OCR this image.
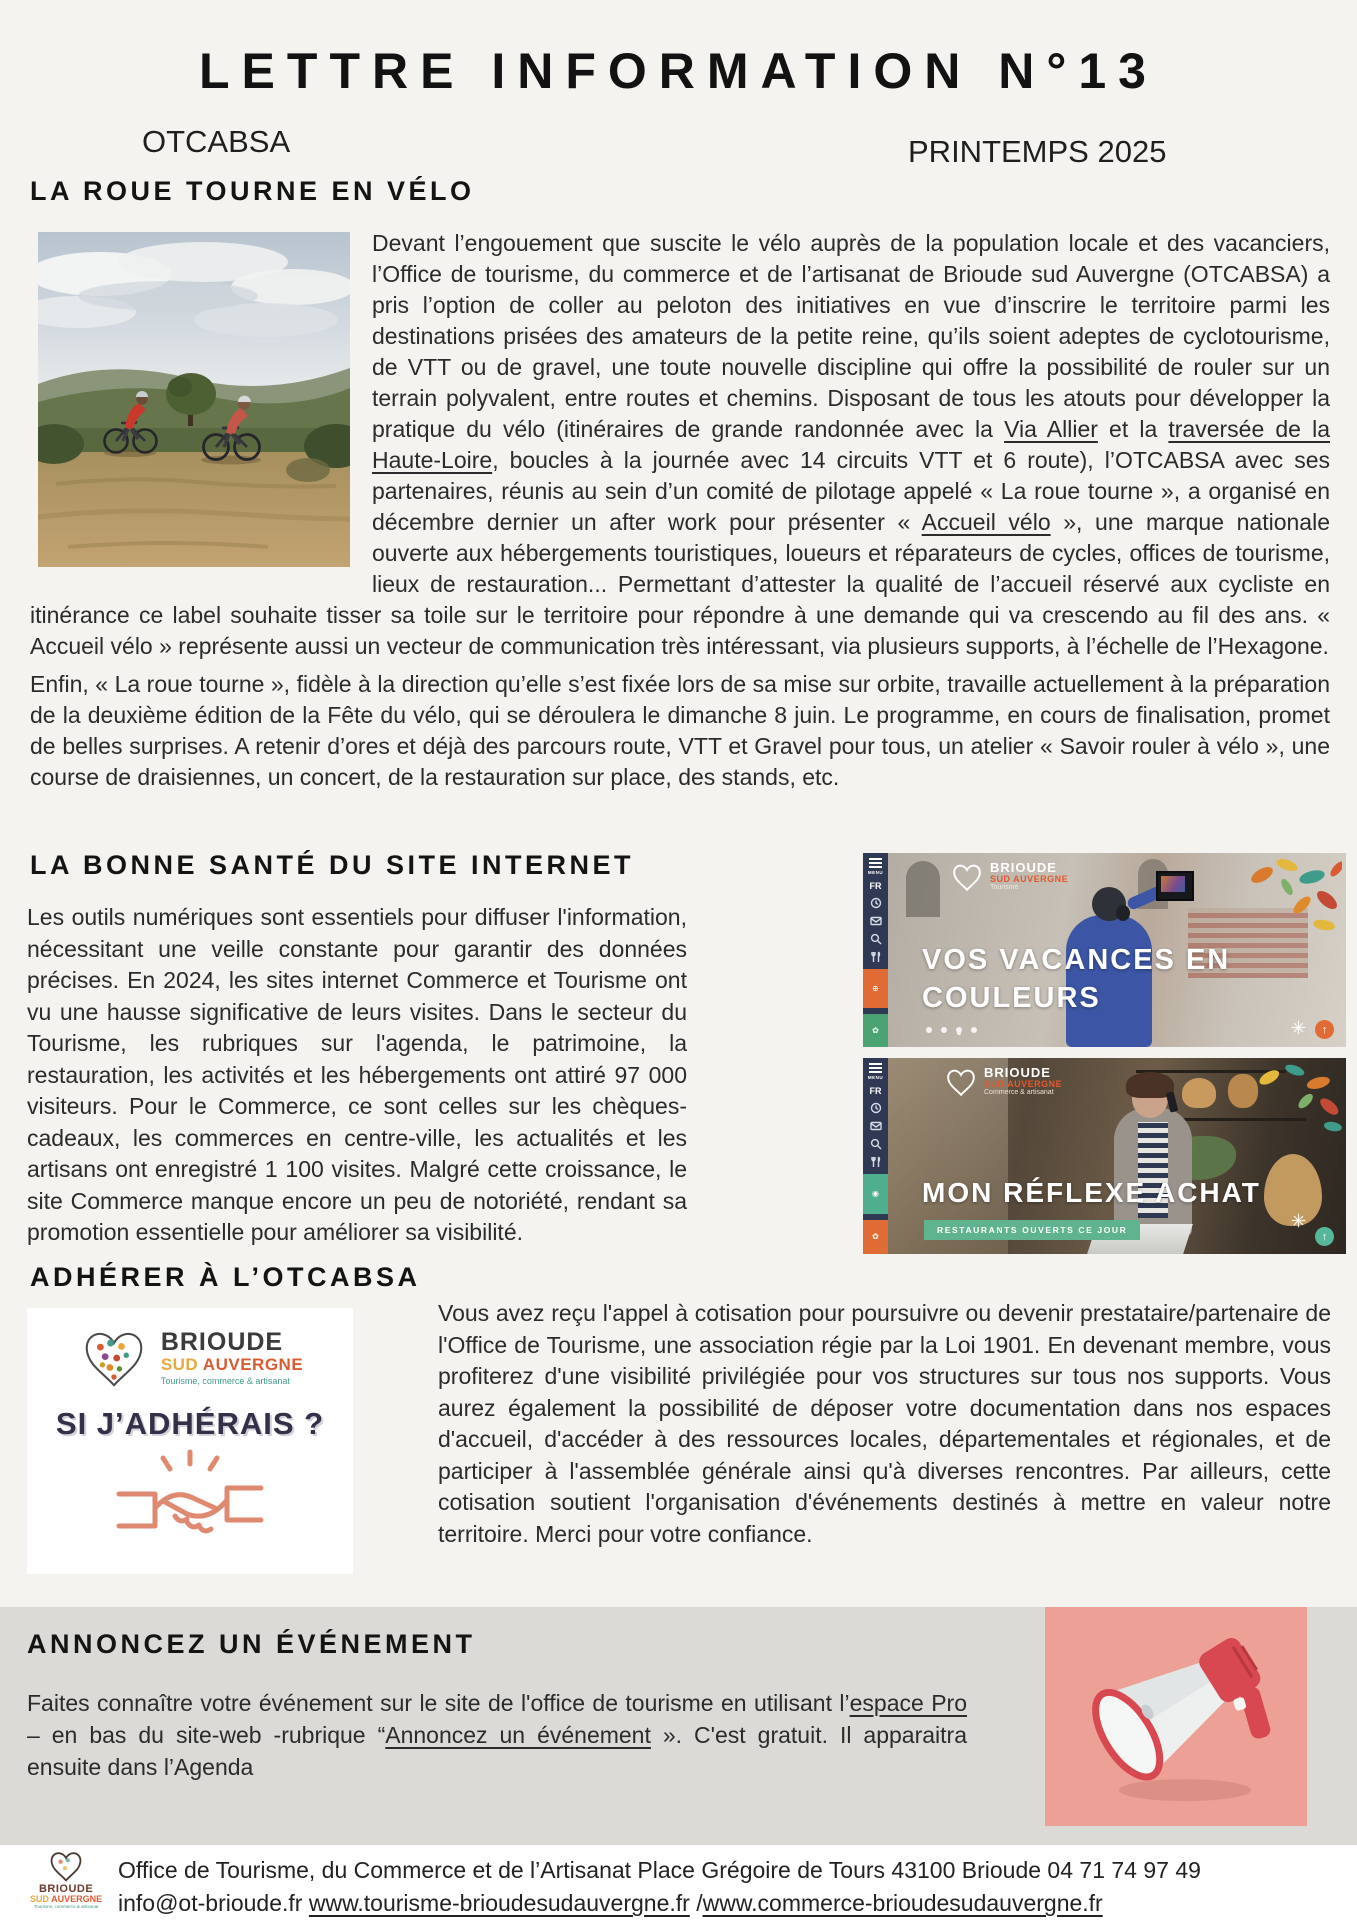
LETTRE INFORMATION N°13
OTCABSA	PRINTEMPS 2025
LA ROUE TOURNE EN VÉLO

Devant l’engouement que suscite le vélo auprès de la population locale et des vacanciers, l’Office de tourisme, du commerce et de l’artisanat de Brioude sud Auvergne (OTCABSA) a pris l’option de coller au peloton des initiatives en vue d’inscrire le territoire parmi les destinations prisées des amateurs de la petite reine, qu’ils soient adeptes de cyclotourisme, de VTT ou de gravel, une toute nouvelle discipline qui offre la possibilité de rouler sur un terrain polyvalent, entre routes et chemins. Disposant de tous les atouts pour développer la pratique du vélo (itinéraires de grande randonnée avec la Via Allier et la traversée de la Haute-Loire, boucles à la journée avec 14 circuits VTT et 6 route), l’OTCABSA avec ses partenaires, réunis au sein d’un comité de pilotage appelé « La roue tourne », a organisé en décembre dernier un after work pour présenter « Accueil vélo », une marque nationale ouverte aux hébergements touristiques, loueurs et réparateurs de cycles, offices de tourisme, lieux de restauration... Permettant d’attester la qualité de l’accueil réservé aux cycliste en itinérance ce label souhaite tisser sa toile sur le territoire pour répondre à une demande qui va crescendo au fil des ans. « Accueil vélo » représente aussi un vecteur de communication très intéressant, via plusieurs supports, à l’échelle de l’Hexagone.

Enfin, « La roue tourne », fidèle à la direction qu’elle s’est fixée lors de sa mise sur orbite, travaille actuellement à la préparation de la deuxième édition de la Fête du vélo, qui se déroulera le dimanche 8 juin. Le programme, en cours de finalisation, promet de belles surprises. A retenir d’ores et déjà des parcours route, VTT et Gravel pour tous, un atelier « Savoir rouler à vélo », une course de draisiennes, un concert, de la restauration sur place, des stands, etc.

LA BONNE SANTÉ DU SITE INTERNET
Les outils numériques sont essentiels pour diffuser l'information, nécessitant une veille constante pour garantir des données précises. En 2024, les sites internet Commerce et Tourisme ont vu une hausse significative de leurs visites. Dans le secteur du Tourisme, les rubriques sur l'agenda, le patrimoine, la restauration, les activités et les hébergements ont attiré 97 000 visiteurs. Pour le Commerce, ce sont celles sur les chèques-cadeaux, les commerces en centre-ville, les actualités et les artisans ont enregistré 1 100 visites. Malgré cette croissance, le site Commerce manque encore un peu de notoriété, rendant sa promotion essentielle pour améliorer sa visibilité.
BRIOUDE
SUD AUVERGNE
Tourisme
VOS VACANCES EN
COULEURS
↑
MENU
FR
⊕
✿
BRIOUDE
SUD AUVERGNE
Commerce & artisanat
MON RÉFLEXE ACHAT
RESTAURANTS OUVERTS CE JOUR
↑
MENU
FR
◉
✿
ADHÉRER À L’OTCABSA
BRIOUDE
SUD AUVERGNE
Tourisme, commerce & artisanat
SI J’ADHÉRAIS ?
Vous avez reçu l'appel à cotisation pour poursuivre ou devenir prestataire/partenaire de l'Office de Tourisme, une association régie par la Loi 1901. En devenant membre, vous profiterez d'une visibilité privilégiée pour vos structures sur tous nos supports. Vous aurez également la possibilité de déposer votre documentation dans nos espaces d'accueil, d'accéder à des ressources locales, départementales et régionales, et de participer à l'assemblée générale ainsi qu'à diverses rencontres. Par ailleurs, cette cotisation soutient l'organisation d'événements destinés à mettre en valeur notre territoire. Merci pour votre confiance.
ANNONCEZ UN ÉVÉNEMENT
Faites connaître votre événement sur le site de l'office de tourisme en utilisant l’espace Pro – en bas du site-web -rubrique “Annoncez un événement ». C'est gratuit. Il apparaitra ensuite dans l’Agenda
BRIOUDE
SUD AUVERGNE
Tourisme, commerce & artisanat
Office de Tourisme, du Commerce et de l’Artisanat Place Grégoire de Tours 43100 Brioude 04 71 74 97 49
info@ot-brioude.fr www.tourisme-brioudesudauvergne.fr /www.commerce-brioudesudauvergne.fr
